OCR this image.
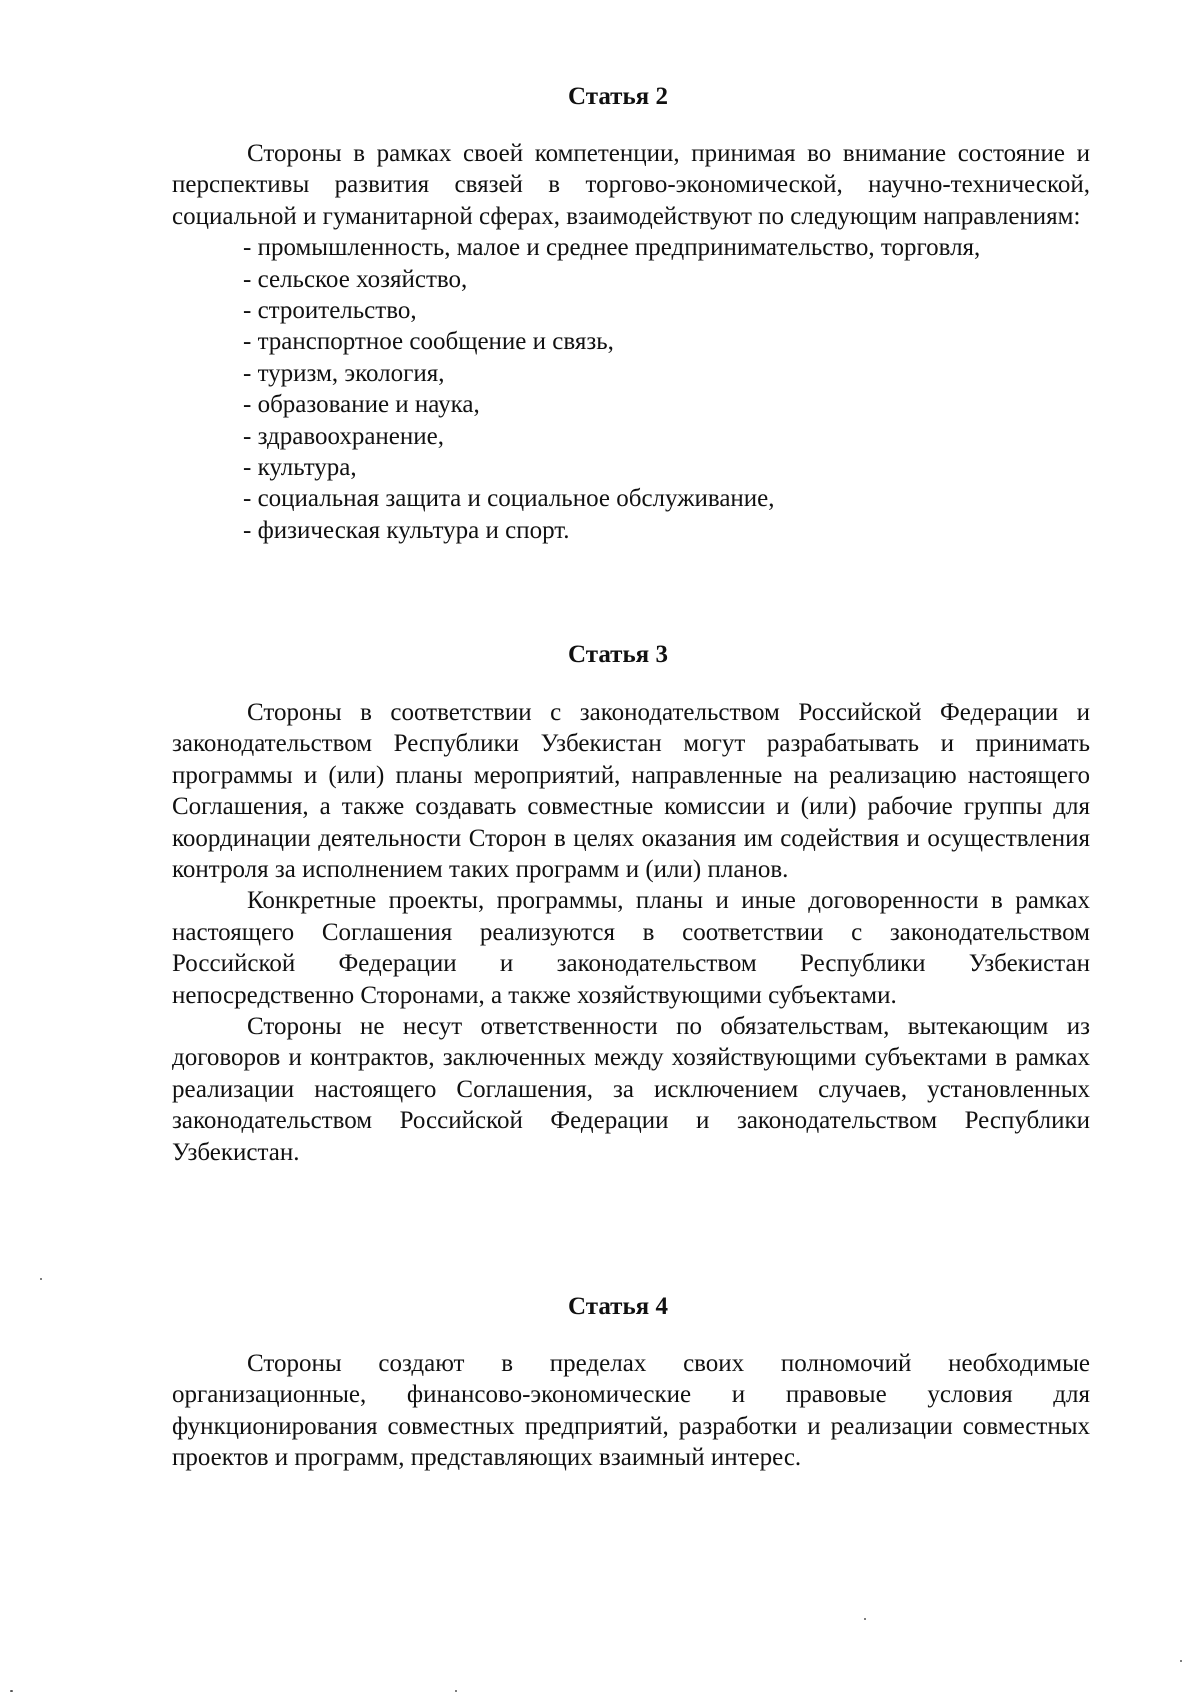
Статья 2

Стороны в рамках своей компетенции, принимая во внимание состояние и перспективы развития связей в торгово-экономической, научно-технической, социальной и гуманитарной сферах, взаимодействуют по следующим направлениям:

- промышленность, малое и среднее предпринимательство, торговля,
- сельское хозяйство,
- строительство,
- транспортное сообщение и связь,
- туризм, экология,
- образование и наука,
- здравоохранение,
- культура,
- социальная защита и социальное обслуживание,
- физическая культура и спорт.
Статья 3

Стороны в соответствии с законодательством Российской Федерации и законодательством Республики Узбекистан могут разрабатывать и принимать программы и (или) планы мероприятий, направленные на реализацию настоящего Соглашения, а также создавать совместные комиссии и (или) рабочие группы для координации деятельности Сторон в целях оказания им содействия и осуществления контроля за исполнением таких программ и (или) планов.

Конкретные проекты, программы, планы и иные договоренности в рамках настоящего Соглашения реализуются в соответствии с законодательством Российской Федерации и законодательством Республики Узбекистан непосредственно Сторонами, а также хозяйствующими субъектами.

Стороны не несут ответственности по обязательствам, вытекающим из договоров и контрактов, заключенных между хозяйствующими субъектами в рамках реализации настоящего Соглашения, за исключением случаев, установленных законодательством Российской Федерации и законодательством Республики Узбекистан.

Статья 4

Стороны создают в пределах своих полномочий необходимые организационные, финансово-экономические и правовые условия для функционирования совместных предприятий, разработки и реализации совместных проектов и программ, представляющих взаимный интерес.
